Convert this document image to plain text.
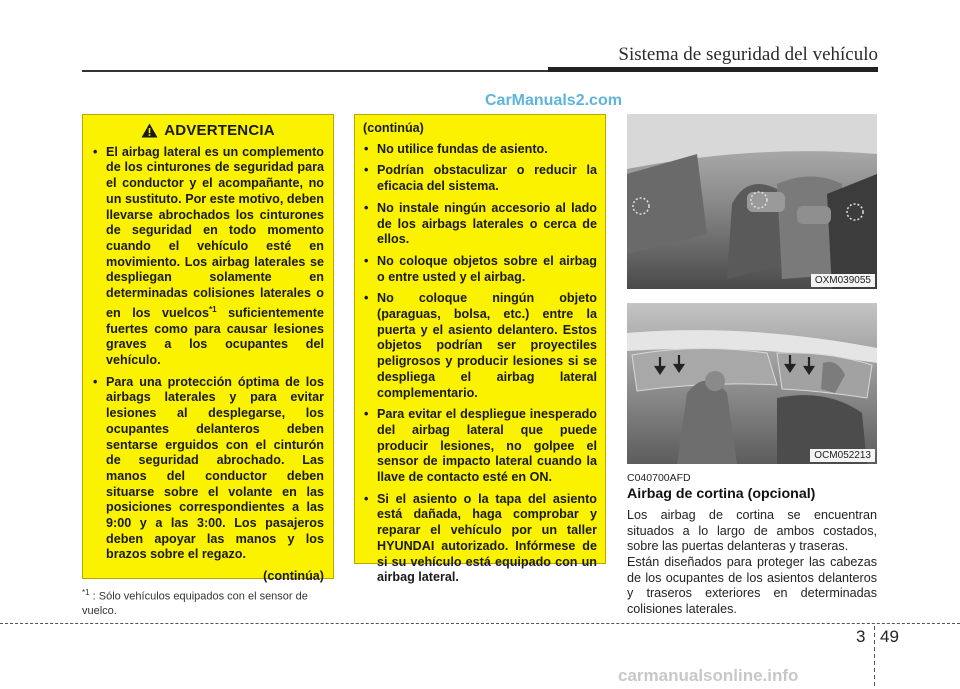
Sistema de seguridad del vehículo
CarManuals2.com
ADVERTENCIA
• El airbag lateral es un complemento de los cinturones de seguridad para el conductor y el acompañante, no un sustituto. Por este motivo, deben llevarse abrochados los cinturones de seguridad en todo momento cuando el vehículo esté en movimiento. Los airbag laterales se despliegan solamente en determinadas colisiones laterales o en los vuelcos$^{*1}$ suficientemente fuertes como para causar lesiones graves a los ocupantes del vehículo.
• Para una protección óptima de los airbags laterales y para evitar lesiones al desplegarse, los ocupantes delanteros deben sentarse erguidos con el cinturón de seguridad abrochado. Las manos del conductor deben situarse sobre el volante en las posiciones correspondientes a las 9:00 y a las 3:00. Los pasajeros deben apoyar las manos y los brazos sobre el regazo.
(continúa)
(continúa)
• No utilice fundas de asiento.
• Podrían obstaculizar o reducir la eficacia del sistema.
• No instale ningún accesorio al lado de los airbags laterales o cerca de ellos.
• No coloque objetos sobre el airbag o entre usted y el airbag.
• No coloque ningún objeto (paraguas, bolsa, etc.) entre la puerta y el asiento delantero. Estos objetos podrían ser proyectiles peligrosos y producir lesiones si se despliega el airbag lateral complementario.
• Para evitar el despliegue inesperado del airbag lateral que puede producir lesiones, no golpee el sensor de impacto lateral cuando la llave de contacto esté en ON.
• Si el asiento o la tapa del asiento está dañada, haga comprobar y reparar el vehículo por un taller HYUNDAI autorizado. Infórmese de si su vehículo está equipado con un airbag lateral.
$^{*1}$ : Sólo vehículos equipados con el sensor de vuelco.
OXM039055
OCM052213
C040700AFD
Airbag de cortina (opcional)
Los airbag de cortina se encuentran situados a lo largo de ambos costados, sobre las puertas delanteras y traseras.
Están diseñados para proteger las cabezas de los ocupantes de los asientos delanteros y traseros exteriores en determinadas colisiones laterales.
3 49
carmanualsonline.info
